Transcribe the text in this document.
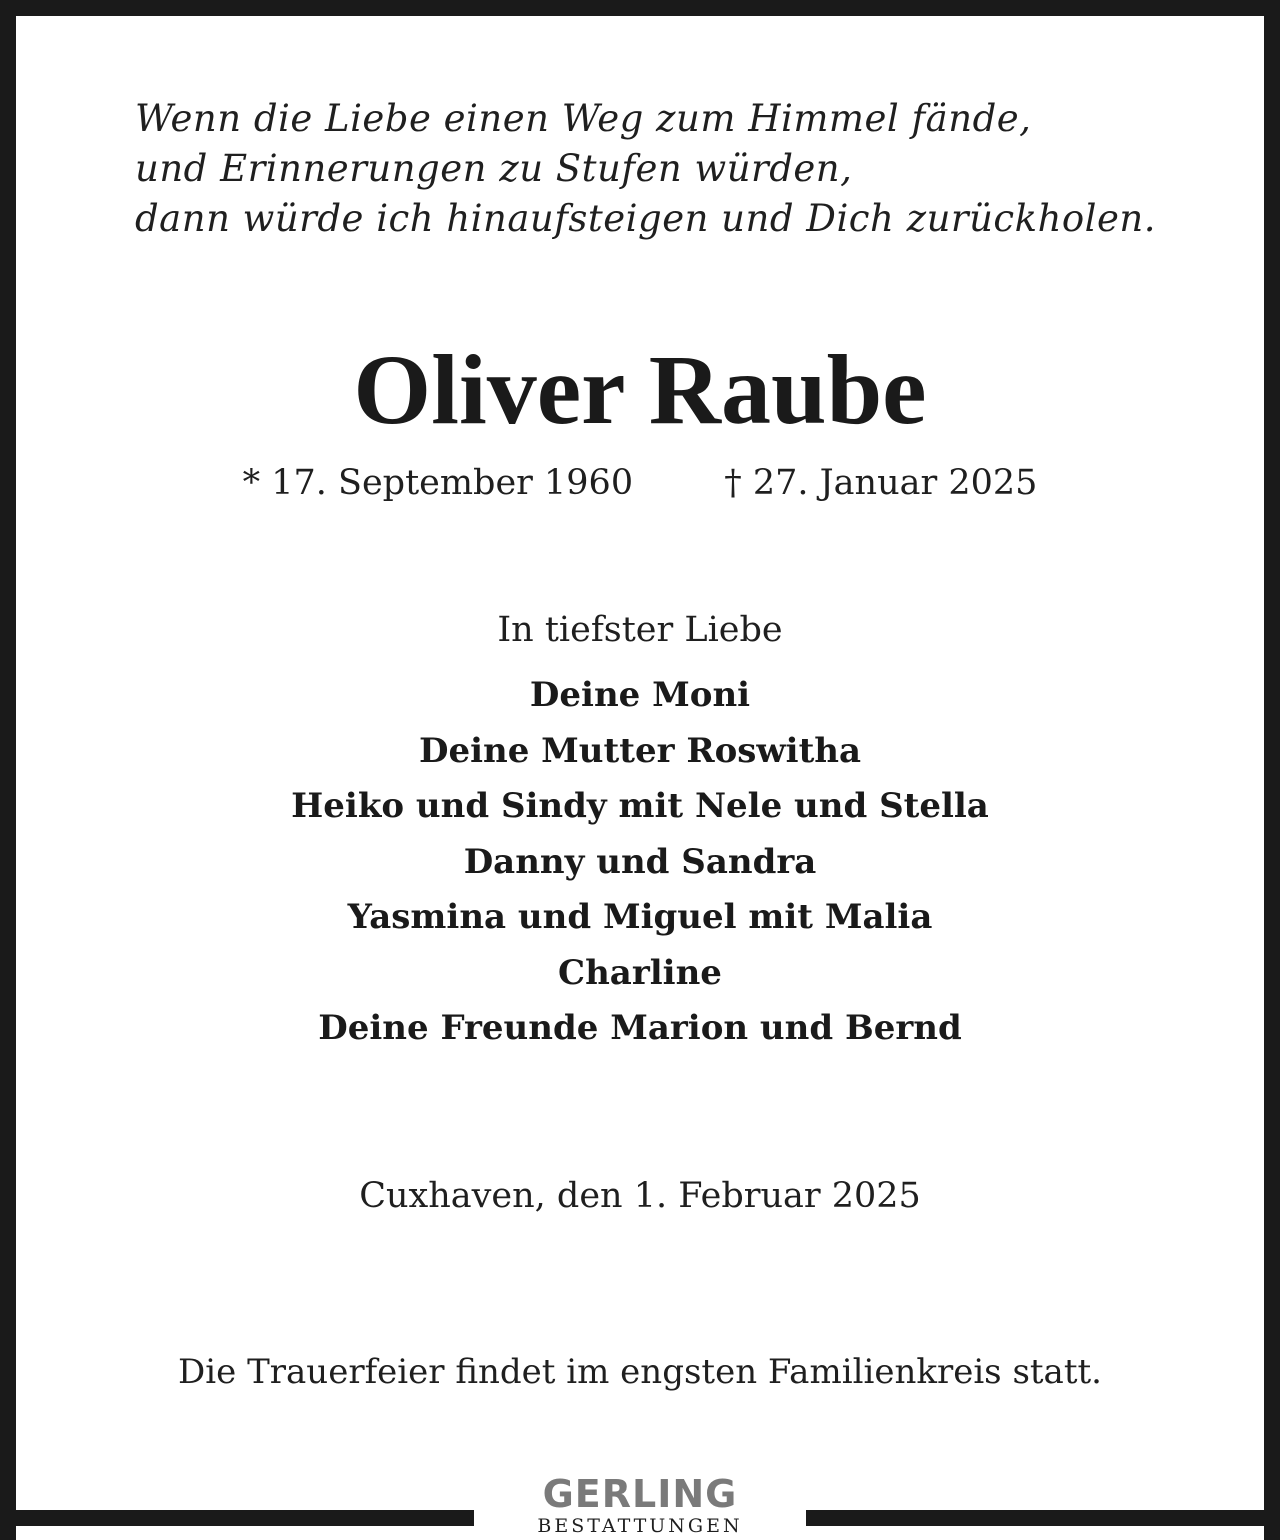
Wenn die Liebe einen Weg zum Himmel fände,
und Erinnerungen zu Stufen würden,
dann würde ich hinaufsteigen und Dich zurückholen.
Oliver Raube
* 17. September 1960	† 27. Januar 2025
In tiefster Liebe
Deine Moni
Deine Mutter Roswitha
Heiko und Sindy mit Nele und Stella
Danny und Sandra
Yasmina und Miguel mit Malia
Charline
Deine Freunde Marion und Bernd
Cuxhaven, den 1. Februar 2025
Die Trauerfeier findet im engsten Familienkreis statt.
GERLING
BESTATTUNGEN
